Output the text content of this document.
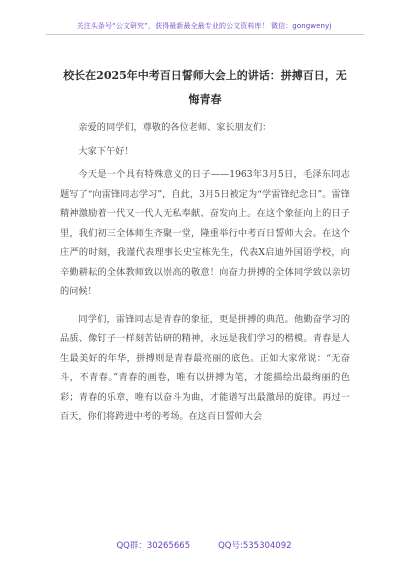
关注头条号“公文研究”，获得最新最全最专业的公文资料库！ 微信：gongwenyj
校长在2025年中考百日誓师大会上的讲话：拼搏百日，无悔青春

亲爱的同学们，尊敬的各位老师、家长朋友们：

大家下午好！

今天是一个具有特殊意义的日子——1963年3月5日，毛泽东同志题写了“向雷锋同志学习”，自此，3月5日被定为“学雷锋纪念日”。雷锋精神激励着一代又一代人无私奉献、奋发向上。在这个象征向上的日子里，我们初三全体师生齐聚一堂，隆重举行中考百日誓师大会。在这个庄严的时刻，我谨代表理事长史宝栋先生，代表X启迪外国语学校，向辛勤耕耘的全体教师致以崇高的敬意！向奋力拼搏的全体同学致以亲切的问候！

同学们，雷锋同志是青春的象征，更是拼搏的典范。他勤奋学习的品质、像钉子一样刻苦钻研的精神，永远是我们学习的楷模。青春是人生最美好的年华，拼搏则是青春最亮丽的底色。正如大家常说：“无奋斗，不青春。”青春的画卷，唯有以拼搏为笔，才能描绘出最绚丽的色彩；青春的乐章，唯有以奋斗为曲，才能谱写出最激昂的旋律。再过一百天，你们将跨进中考的考场。在这百日誓师大会

QQ群：30265665	QQ号:535304092
